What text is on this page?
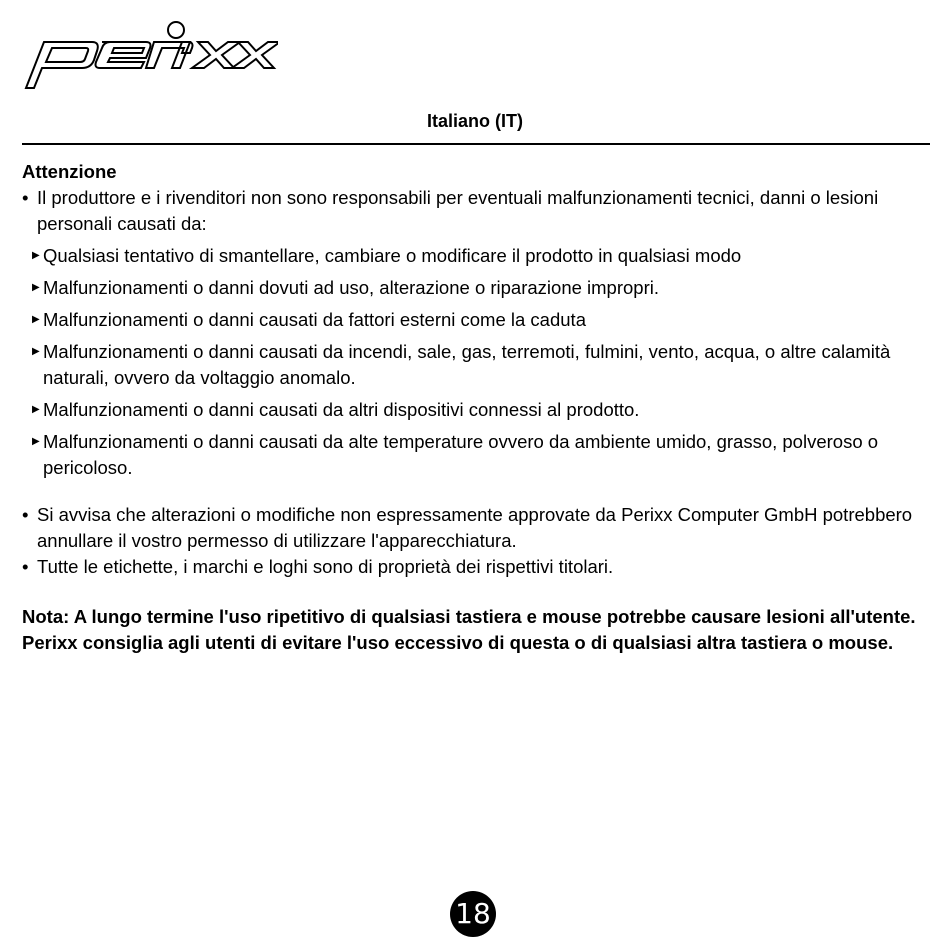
Italiano (IT)
Attenzione
• Il produttore e i rivenditori non sono responsabili per eventuali malfunzionamenti tecnici, danni o lesioni personali causati da:
▶ Qualsiasi tentativo di smantellare, cambiare o modificare il prodotto in qualsiasi modo
▶ Malfunzionamenti o danni dovuti ad uso, alterazione o riparazione impropri.
▶ Malfunzionamenti o danni causati da fattori esterni come la caduta
▶ Malfunzionamenti o danni causati da incendi, sale, gas, terremoti, fulmini, vento, acqua, o altre calamità naturali, ovvero da voltaggio anomalo.
▶ Malfunzionamenti o danni causati da altri dispositivi connessi al prodotto.
▶ Malfunzionamenti o danni causati da alte temperature ovvero da ambiente umido, grasso, polveroso o pericoloso.
• Si avvisa che alterazioni o modifiche non espressamente approvate da Perixx Computer GmbH potrebbero annullare il vostro permesso di utilizzare l'apparecchiatura.
• Tutte le etichette, i marchi e loghi sono di proprietà dei rispettivi titolari.
Nota: A lungo termine l'uso ripetitivo di qualsiasi tastiera e mouse potrebbe causare lesioni all'utente. Perixx consiglia agli utenti di evitare l'uso eccessivo di questa o di qualsiasi altra tastiera o mouse.
18
